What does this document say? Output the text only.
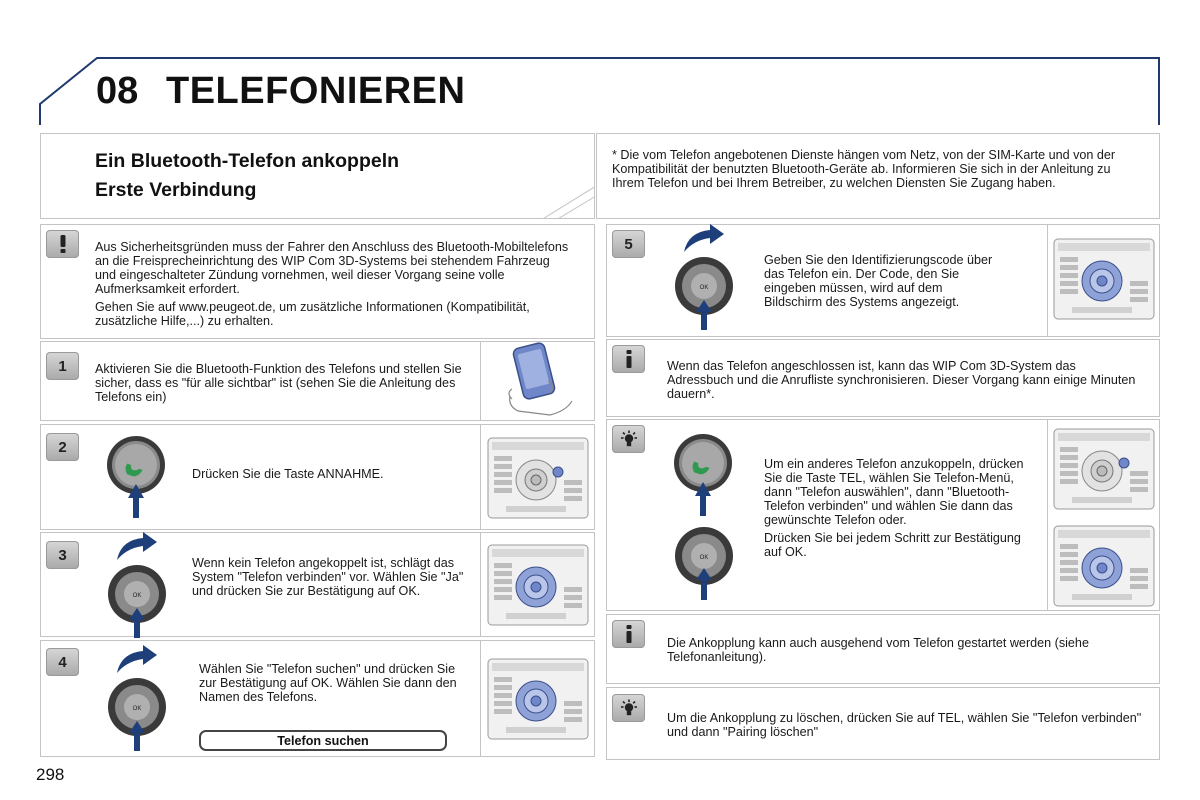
08 TELEFONIEREN
Ein Bluetooth-Telefon ankoppeln
Erste Verbindung
* Die vom Telefon angebotenen Dienste hängen vom Netz, von der SIM-Karte und von der Kompatibilität der benutzten Bluetooth-Geräte ab. Informieren Sie sich in der Anleitung zu Ihrem Telefon und bei Ihrem Betreiber, zu welchen Diensten Sie Zugang haben.

Aus Sicherheitsgründen muss der Fahrer den Anschluss des Bluetooth-Mobiltelefons an die Freisprecheinrichtung des WIP Com 3D-Systems bei stehendem Fahrzeug und eingeschalteter Zündung vornehmen, weil dieser Vorgang seine volle Aufmerksamkeit erfordert.

Gehen Sie auf www.peugeot.de, um zusätzliche Informationen (Kompatibilität, zusätzliche Hilfe,...) zu erhalten.

1	Aktivieren Sie die Bluetooth-Funktion des Telefons und stellen Sie sicher, dass es "für alle sichtbar" ist (sehen Sie die Anleitung des Telefons ein)
2
Drücken Sie die Taste ANNAHME.
3	Wenn kein Telefon angekoppelt ist, schlägt das System "Telefon verbinden" vor. Wählen Sie "Ja" und drücken Sie zur Bestätigung auf OK.
OK
4	Wählen Sie "Telefon suchen" und drücken Sie zur Bestätigung auf OK. Wählen Sie dann den Namen des Telefons.
Telefon suchen
OK
5
Geben Sie den Identifizierungscode über das Telefon ein. Der Code, den Sie eingeben müssen, wird auf dem Bildschirm des Systems angezeigt.
OK
Wenn das Telefon angeschlossen ist, kann das WIP Com 3D-System das Adressbuch und die Anrufliste synchronisieren. Dieser Vorgang kann einige Minuten dauern*.

Um ein anderes Telefon anzukoppeln, drücken Sie die Taste TEL, wählen Sie Telefon-Menü, dann "Telefon auswählen", dann "Bluetooth-Telefon verbinden" und wählen Sie dann das gewünschte Telefon oder.

Drücken Sie bei jedem Schritt zur Bestätigung auf OK.

OK
Die Ankopplung kann auch ausgehend vom Telefon gestartet werden (siehe Telefonanleitung).
Um die Ankopplung zu löschen, drücken Sie auf TEL, wählen Sie "Telefon verbinden" und dann "Pairing löschen"
298
